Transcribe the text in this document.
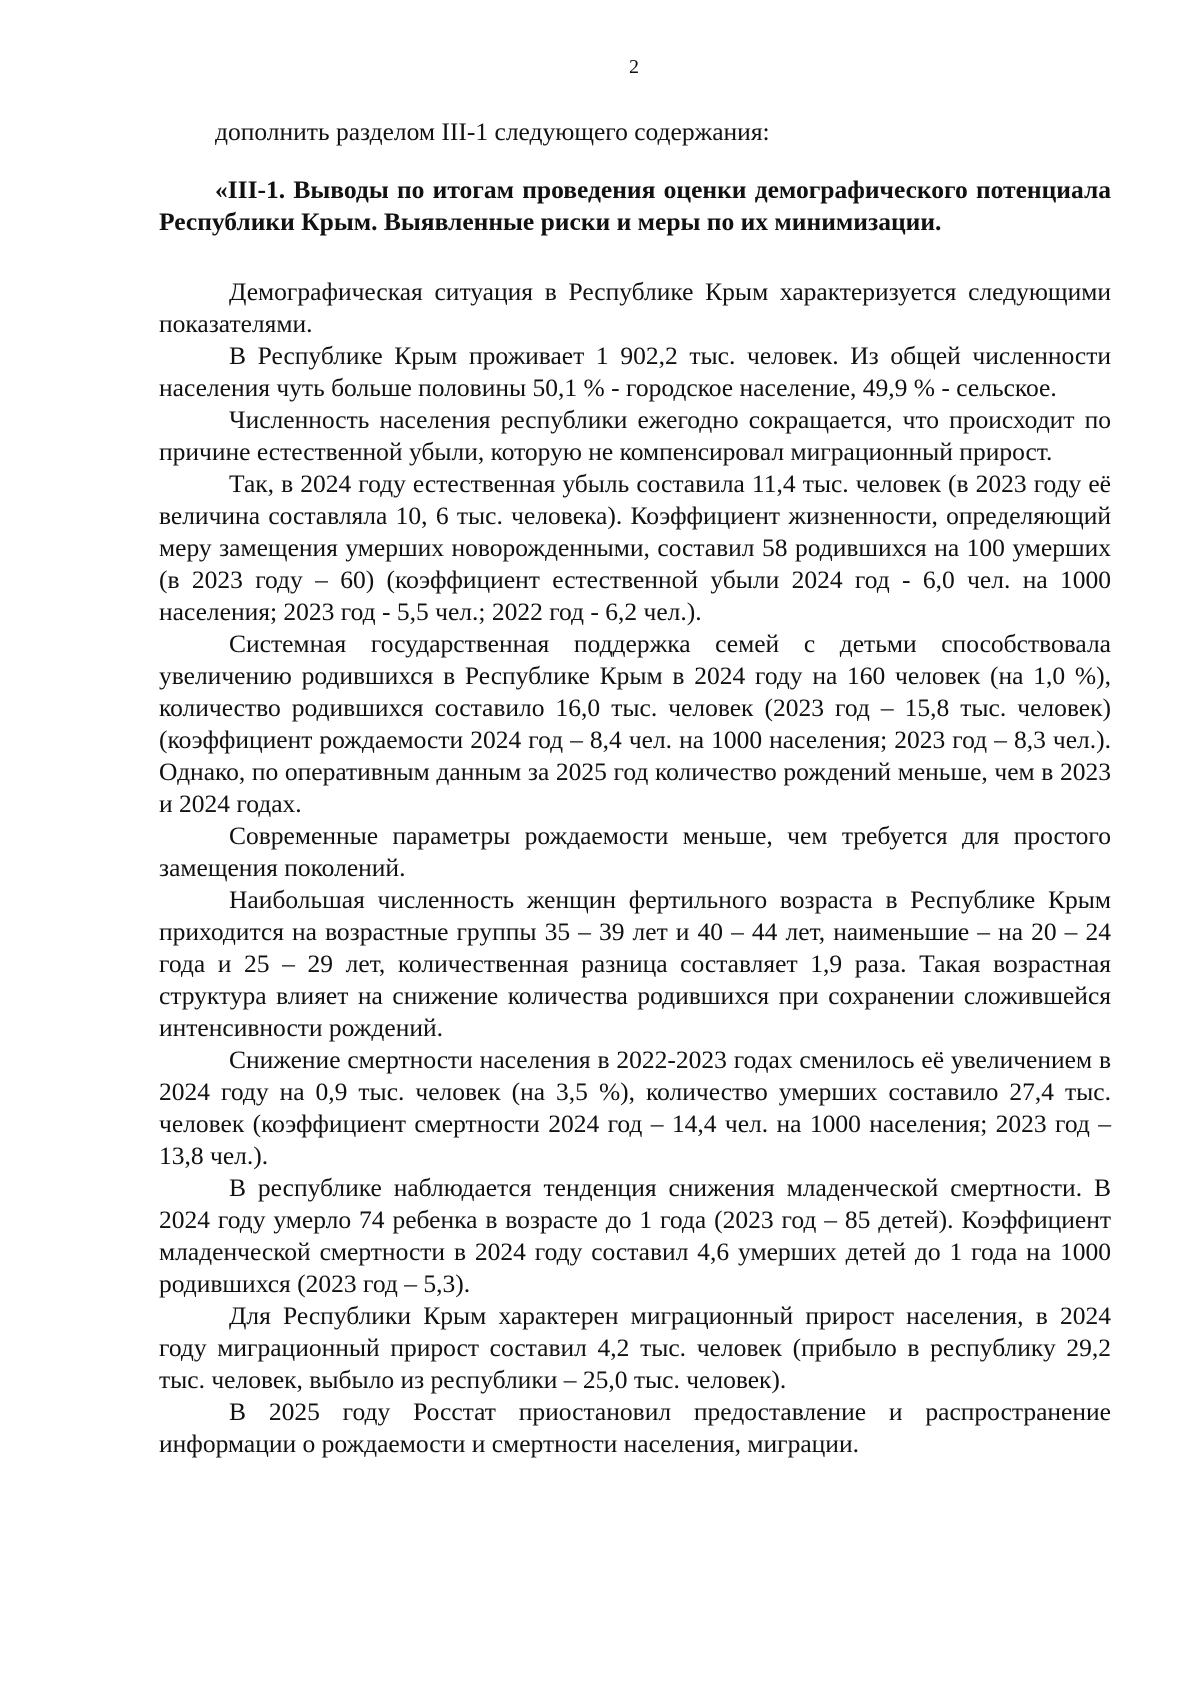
2

дополнить разделом III-1 следующего содержания:

«III-1. Выводы по итогам проведения оценки демографического потенциала Республики Крым. Выявленные риски и меры по их минимизации.

Демографическая ситуация в Республике Крым характеризуется следующими показателями.

В Республике Крым проживает 1 902,2 тыс. человек. Из общей численности населения чуть больше половины 50,1 % - городское население, 49,9 % - сельское.

Численность населения республики ежегодно сокращается, что происходит по причине естественной убыли, которую не компенсировал миграционный прирост.

Так, в 2024 году естественная убыль составила 11,4 тыс. человек (в 2023 году её величина составляла 10, 6 тыс. человека). Коэффициент жизненности, определяющий меру замещения умерших новорожденными, составил 58 родившихся на 100 умерших (в 2023 году – 60) (коэффициент естественной убыли 2024 год - 6,0 чел. на 1000 населения; 2023 год - 5,5 чел.; 2022 год - 6,2 чел.).

Системная государственная поддержка семей с детьми способствовала увеличению родившихся в Республике Крым в 2024 году на 160 человек (на 1,0 %), количество родившихся составило 16,0 тыс. человек (2023 год – 15,8 тыс. человек) (коэффициент рождаемости 2024 год – 8,4 чел. на 1000 населения; 2023 год – 8,3 чел.). Однако, по оперативным данным за 2025 год количество рождений меньше, чем в 2023 и 2024 годах.

Современные параметры рождаемости меньше, чем требуется для простого замещения поколений.

Наибольшая численность женщин фертильного возраста в Республике Крым приходится на возрастные группы 35 – 39 лет и 40 – 44 лет, наименьшие – на 20 – 24 года и 25 – 29 лет, количественная разница составляет 1,9 раза. Такая возрастная структура влияет на снижение количества родившихся при сохранении сложившейся интенсивности рождений.

Снижение смертности населения в 2022-2023 годах сменилось её увеличением в 2024 году на 0,9 тыс. человек (на 3,5 %), количество умерших составило 27,4 тыс. человек (коэффициент смертности 2024 год – 14,4 чел. на 1000 населения; 2023 год – 13,8 чел.).

В республике наблюдается тенденция снижения младенческой смертности. В 2024 году умерло 74 ребенка в возрасте до 1 года (2023 год – 85 детей). Коэффициент младенческой смертности в 2024 году составил 4,6 умерших детей до 1 года на 1000 родившихся (2023 год – 5,3).

Для Республики Крым характерен миграционный прирост населения, в 2024 году миграционный прирост составил 4,2 тыс. человек (прибыло в республику 29,2 тыс. человек, выбыло из республики – 25,0 тыс. человек).

В 2025 году Росстат приостановил предоставление и распространение информации о рождаемости и смертности населения, миграции.
